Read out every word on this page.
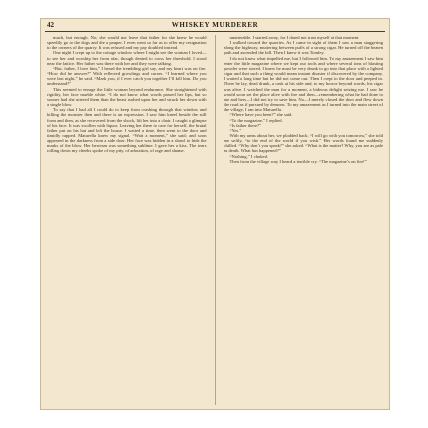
42	WHISKEY MURDERER

much, but enough. No; she would not leave that father for she knew he would speedily go to the dogs and die a pauper. I even went so far as to offer my resignation to the owners of the quarry. It was refused and my pay doubled instead.

One night I crept up to the cottage window where I might see the woman I loved—to see her and worship her from afar, though denied to cross her threshold. I stood near the lattice. Her father was there with her and they were talking.

“But, father, I love him,” I heard the trembling girl say, and my heart was on fire. “How did he answer?” With reflected growlings and curses. “I learned where you were last night,” he said. “Mark you, if I ever catch you together I’ll kill him. Do you understand?”

This seemed to enrage the little woman beyond endurance. She straightened with rigidity, her face marble white. “I do not know what words passed her lips, but so sooner had she uttered them than the beast rushed upon her and struck her down with a single blow.

To say that I had all I could do to keep from crashing through that window and killing the monster then and there is an expression. I saw him kneel beside the still form and then, as she recovered from the shock, lift her into a chair. I caught a glimpse of his face. It was swollen with liquor. Leaving her there to care for herself, the brutal father put on his hat and left the house. I waited a time, then went to the door and timidly rapped. Maturella knew my signal. “Wait a moment,” she said; and soon appeared in the darkness from a side door. Her face was hidden in a shawl to hide the marks of the blow. Her heroism was something sublime. I gave her a kiss. The tears rolling down my cheeks spoke of my pity, of adoration, of rage and shame.

unutterable. I started away, for I dared not trust myself at that moment.

I walked toward the quarries. As I came in sight of them I saw a man staggering along the highway, muttering between puffs of a strong cigar. He turned off the beaten path and ascended the hill. Then I knew it was Tomley.

I do not know what impelled me, but I followed him. To my amazement I saw him enter the little magazine where we kept our tools and where several tons of blasting powder were stored. I knew he must be very drunk to go into that place with a lighted cigar and that such a thing would mean instant disaster if discovered by the company. I waited a long time but he did not come out. Then I crept to the door and peeped in. There he lay, dead drunk, a cask at his side and, to my horror beyond words, his cigar was alive. I watched the man for a moment, a hideous delight seizing me. I saw he would soon set the place alive with fire and then—remembering what he had done to me and hers—I did not try to save him. No—I merely closed the door and flew down the road as if pursued by demons. To my amazement as I turned into the main street of the village, I ran into Maturella.

“Where have you been?” she said.

“To the magazine,” I replied.

“Is father there?”

“Yes.”

With my arms about her, we plodded back. “I will go with you tomorrow,” she told me softly, “to the end of the world if you wish.” Her words found me suddenly chilled. “Why don’t you speak?” she asked. “What is the matter? Why, you are as pale as death. What has happened?”

“Nothing,” I choked.

Then from the village way I heard a terrible cry. “The magazine’s on fire!”
